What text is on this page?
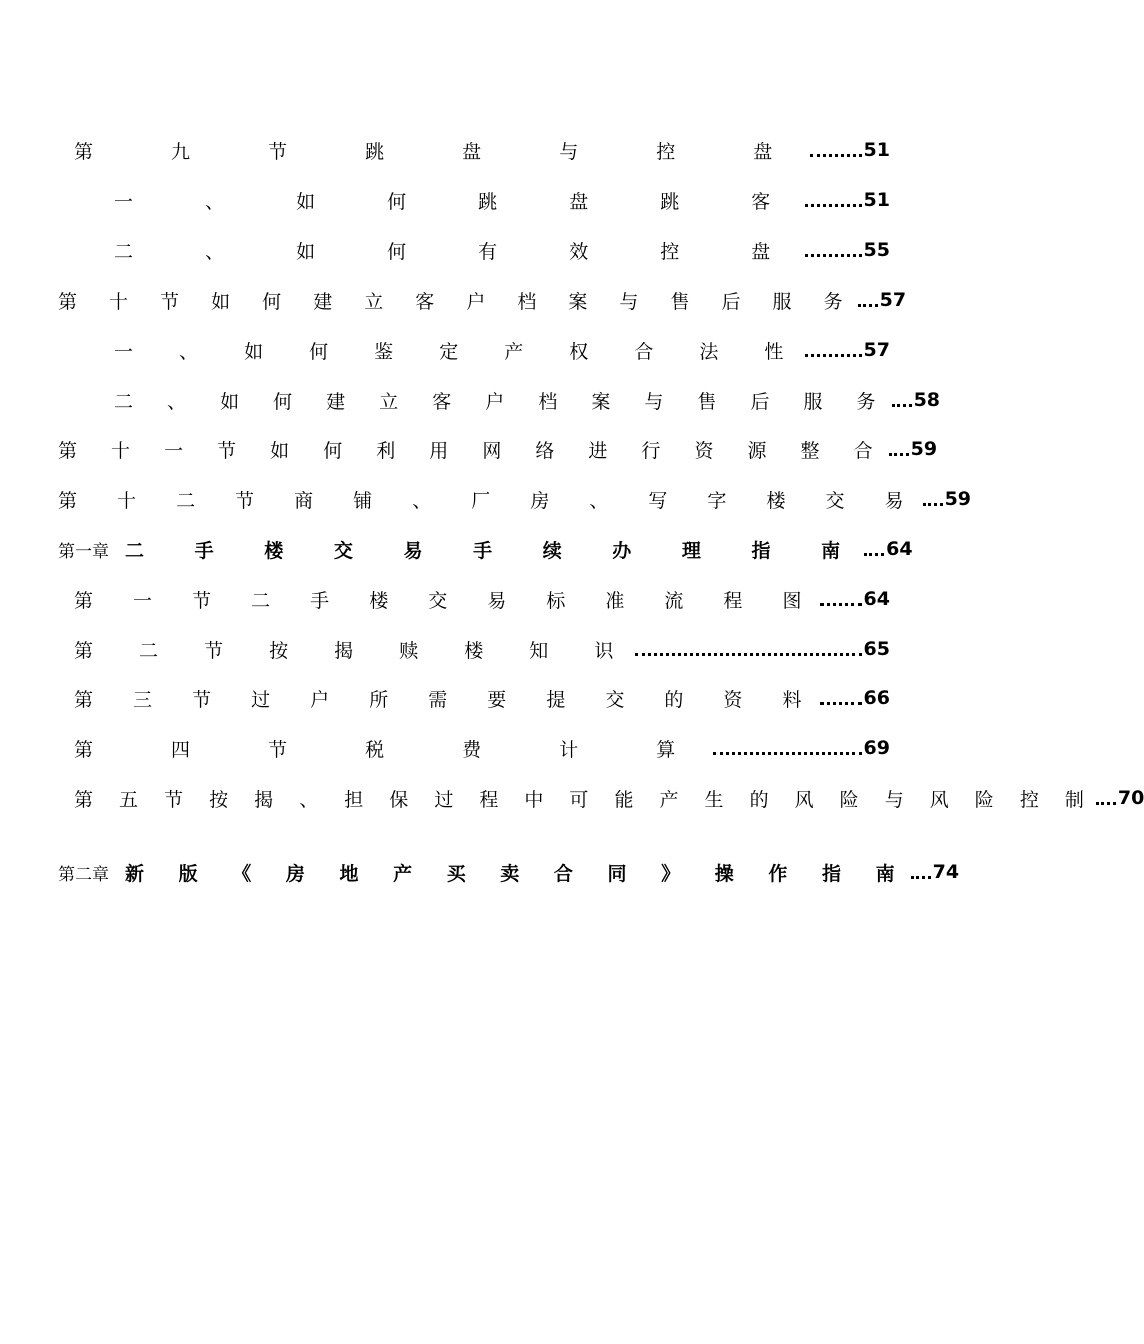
第 九 节 跳 盘 与 控 盘	51
一 、 如 何 跳 盘 跳 客	51
二 、 如 何 有 效 控 盘	55
第 十 节 如 何 建 立 客 户 档 案 与 售 后 服 务 57
一 、 如 何 鉴 定 产 权 合 法 性	57
二 、 如 何 建 立 客 户 档 案 与 售 后 服 务 58
第 十 一 节 如 何 利 用 网 络 进 行 资 源 整 合 59
第 十 二 节 商 铺 、 厂 房 、 写 字 楼 交 易 59
第一章 二 手 楼 交 易 手 续 办 理 指 南 64
第 一 节 二 手 楼 交 易 标 准 流 程 图 64
第 二 节 按 揭 赎 楼 知 识	65
第 三 节 过 户 所 需 要 提 交 的 资 料 66
第 四 节 税 费 计 算	69
第 五 节 按 揭 、 担 保 过 程 中 可 能 产 生 的 风 险 与 风 险 控 制 70
第二章 新 版 《 房 地 产 买 卖 合 同 》 操 作 指 南 74
